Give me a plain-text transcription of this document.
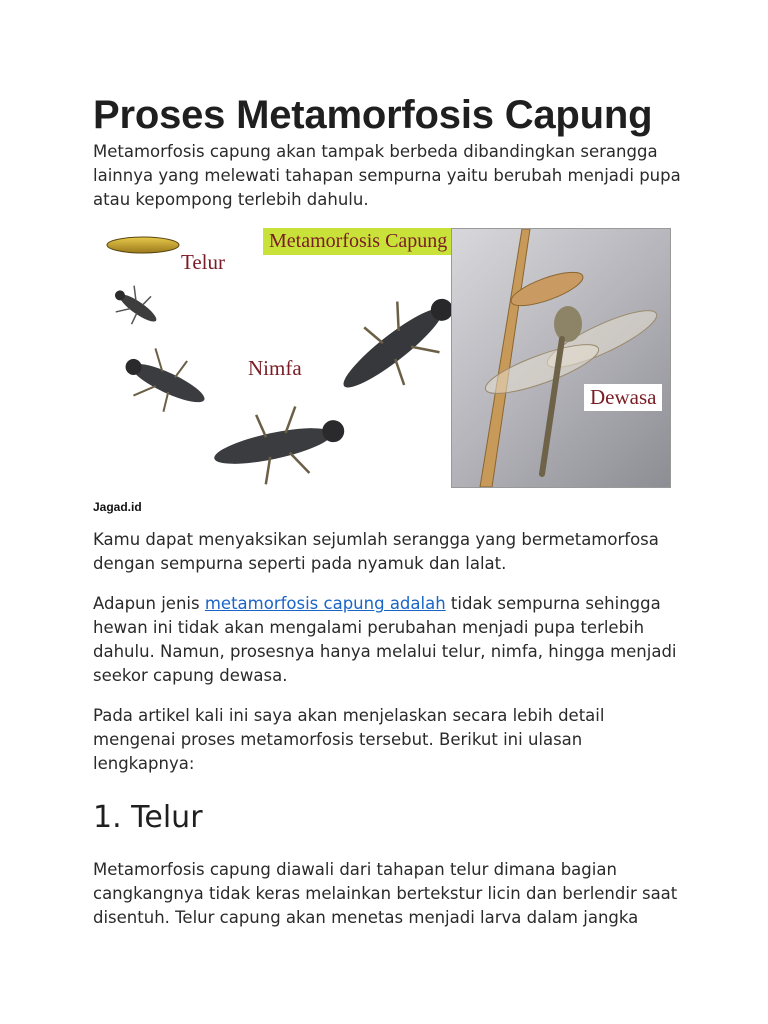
Proses Metamorfosis Capung

Metamorfosis capung akan tampak berbeda dibandingkan serangga lainnya yang melewati tahapan sempurna yaitu berubah menjadi pupa atau kepompong terlebih dahulu.

Metamorfosis Capung
Telur
Nimfa
Dewasa
Jagad.id

Kamu dapat menyaksikan sejumlah serangga yang bermetamorfosa dengan sempurna seperti pada nyamuk dan lalat.

Adapun jenis metamorfosis capung adalah tidak sempurna sehingga hewan ini tidak akan mengalami perubahan menjadi pupa terlebih dahulu. Namun, prosesnya hanya melalui telur, nimfa, hingga menjadi seekor capung dewasa.

Pada artikel kali ini saya akan menjelaskan secara lebih detail mengenai proses metamorfosis tersebut. Berikut ini ulasan lengkapnya:

1. Telur

Metamorfosis capung diawali dari tahapan telur dimana bagian cangkangnya tidak keras melainkan bertekstur licin dan berlendir saat disentuh. Telur capung akan menetas menjadi larva dalam jangka
